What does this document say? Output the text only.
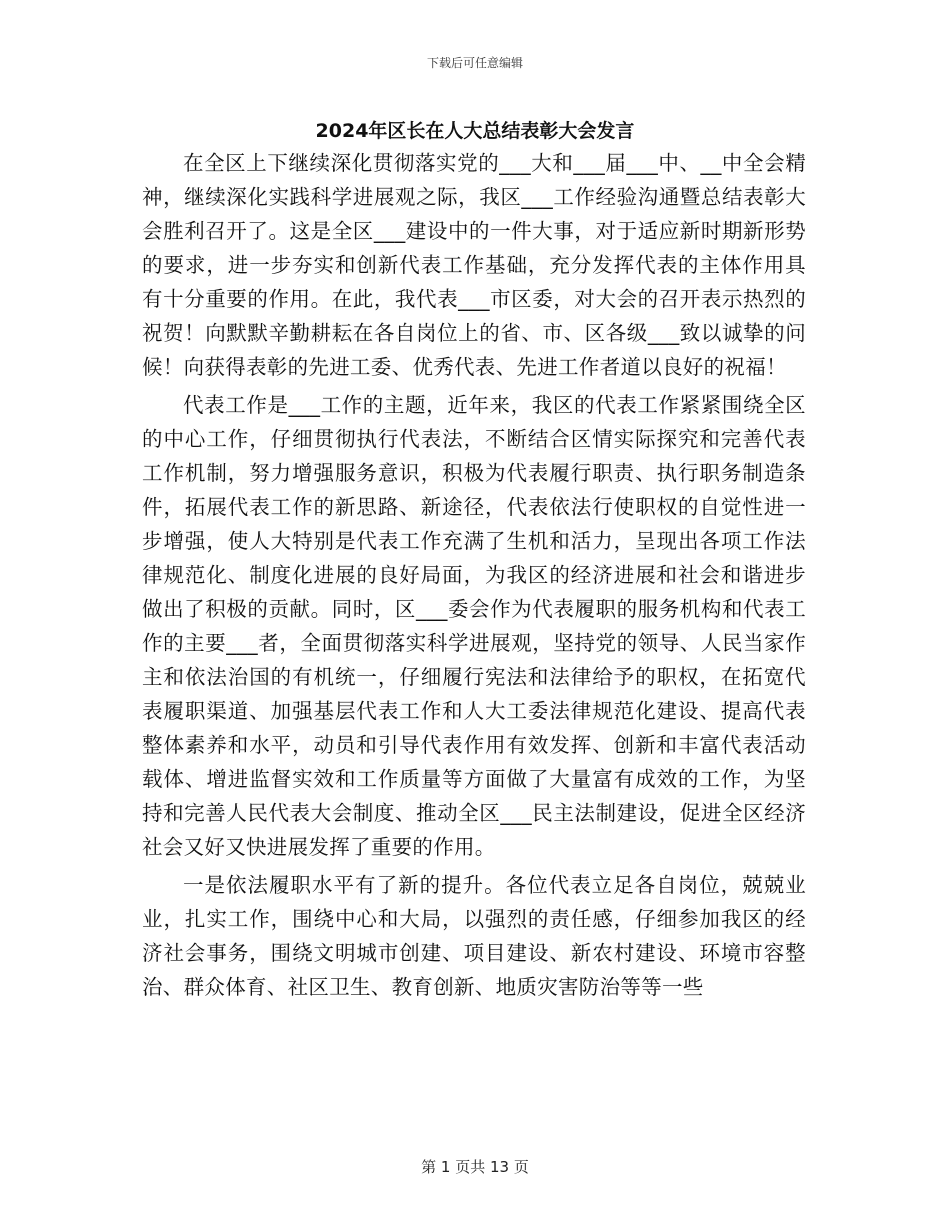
下载后可任意编辑
2024年区长在人大总结表彰大会发言

在全区上下继续深化贯彻落实党的___大和___届___中、__中全会精神，继续深化实践科学进展观之际，我区___工作经验沟通暨总结表彰大会胜利召开了。这是全区___建设中的一件大事，对于适应新时期新形势的要求，进一步夯实和创新代表工作基础，充分发挥代表的主体作用具有十分重要的作用。在此，我代表___市区委，对大会的召开表示热烈的祝贺！向默默辛勤耕耘在各自岗位上的省、市、区各级___致以诚挚的问候！向获得表彰的先进工委、优秀代表、先进工作者道以良好的祝福！

代表工作是___工作的主题，近年来，我区的代表工作紧紧围绕全区的中心工作，仔细贯彻执行代表法，不断结合区情实际探究和完善代表工作机制，努力增强服务意识，积极为代表履行职责、执行职务制造条件，拓展代表工作的新思路、新途径，代表依法行使职权的自觉性进一步增强，使人大特别是代表工作充满了生机和活力，呈现出各项工作法律规范化、制度化进展的良好局面，为我区的经济进展和社会和谐进步做出了积极的贡献。同时，区___委会作为代表履职的服务机构和代表工作的主要___者，全面贯彻落实科学进展观，坚持党的领导、人民当家作主和依法治国的有机统一，仔细履行宪法和法律给予的职权，在拓宽代表履职渠道、加强基层代表工作和人大工委法律规范化建设、提高代表整体素养和水平，动员和引导代表作用有效发挥、创新和丰富代表活动载体、增进监督实效和工作质量等方面做了大量富有成效的工作，为坚持和完善人民代表大会制度、推动全区___民主法制建设，促进全区经济社会又好又快进展发挥了重要的作用。

一是依法履职水平有了新的提升。各位代表立足各自岗位，兢兢业业，扎实工作，围绕中心和大局，以强烈的责任感，仔细参加我区的经济社会事务，围绕文明城市创建、项目建设、新农村建设、环境市容整治、群众体育、社区卫生、教育创新、地质灾害防治等等一些

第 1 页共 13 页
